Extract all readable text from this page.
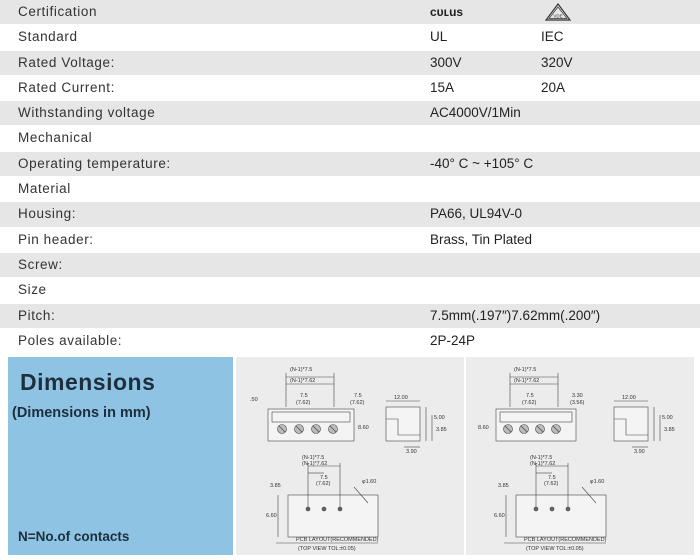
Certification	ᴄᴜʟus	VDE
Standard	UL	IEC
Rated Voltage:	300V	320V
Rated Current:	15A	20A
Withstanding voltage	AC4000V/1Min
Mechanical
Operating temperature:	-40° C ~ +105° C
Material
Housing:	PA66, UL94V-0
Pin header:	Brass, Tin Plated
Screw:
Size
Pitch:	7.5mm(.197″)7.62mm(.200″)
Poles available:	2P-24P
Dimensions
(Dimensions in mm)
N=No.of contacts
(N-1)*7.5
(N-1)*7.62
.50
7.5
(7.62)
7.5
(7.62)
8.60
12.00
5.00
3.85
3.90
(N-1)*7.5
(N-1)*7.62
7.5
(7.62)
3.85
φ1.60
6.60
PCB LAYOUT(RECOMMENDED)
(TOP VIEW TOL:±0.05)
(N-1)*7.5
(N-1)*7.62
7.5
(7.62)
3.30
(3.56)
8.60
12.00
5.00
3.85
3.90
(N-1)*7.5
(N-1)*7.62
7.5
(7.62)
3.85
φ1.60
6.60
PCB LAYOUT(RECOMMENDED)
(TOP VIEW TOL:±0.05)
